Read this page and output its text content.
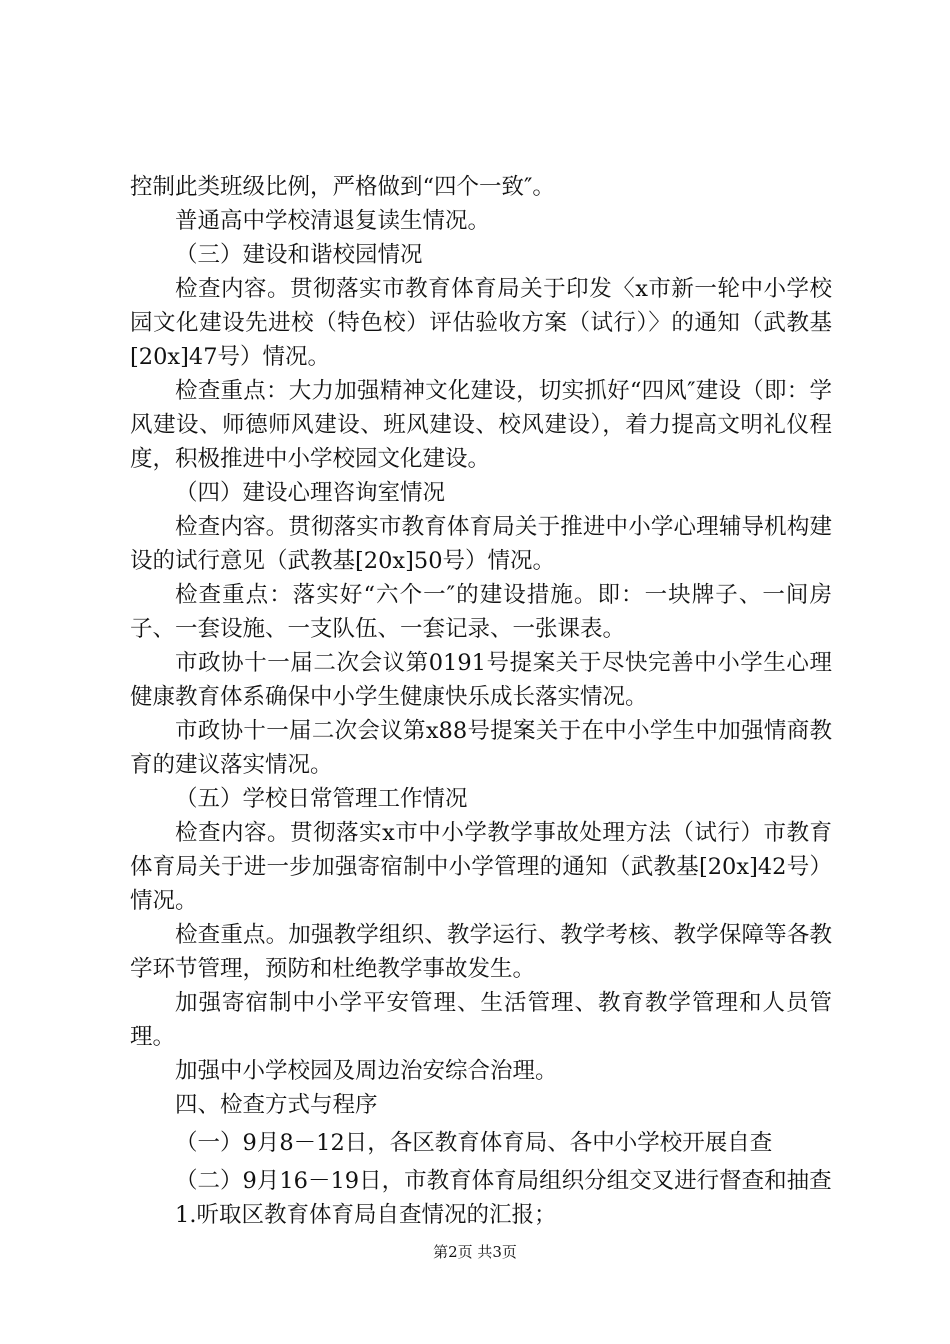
控制此类班级比例，严格做到“四个一致″。

普通高中学校清退复读生情况。

（三）建设和谐校园情况

检查内容。贯彻落实市教育体育局关于印发〈x市新一轮中小学校园文化建设先进校（特色校）评估验收方案（试行）〉的通知（武教基[20x]47号）情况。

检查重点：大力加强精神文化建设，切实抓好“四风″建设（即：学风建设、师德师风建设、班风建设、校风建设），着力提高文明礼仪程度，积极推进中小学校园文化建设。

（四）建设心理咨询室情况

检查内容。贯彻落实市教育体育局关于推进中小学心理辅导机构建设的试行意见（武教基[20x]50号）情况。

检查重点：落实好“六个一″的建设措施。即：一块牌子、一间房子、一套设施、一支队伍、一套记录、一张课表。

市政协十一届二次会议第0191号提案关于尽快完善中小学生心理健康教育体系确保中小学生健康快乐成长落实情况。

市政协十一届二次会议第x88号提案关于在中小学生中加强情商教育的建议落实情况。

（五）学校日常管理工作情况

检查内容。贯彻落实x市中小学教学事故处理方法（试行）市教育体育局关于进一步加强寄宿制中小学管理的通知（武教基[20x]42号）情况。

检查重点。加强教学组织、教学运行、教学考核、教学保障等各教学环节管理，预防和杜绝教学事故发生。

加强寄宿制中小学平安管理、生活管理、教育教学管理和人员管理。

加强中小学校园及周边治安综合治理。

四、检查方式与程序

（一）9月8－12日，各区教育体育局、各中小学校开展自查

（二）9月16－19日，市教育体育局组织分组交叉进行督查和抽查

1.听取区教育体育局自查情况的汇报；

第2页 共3页
